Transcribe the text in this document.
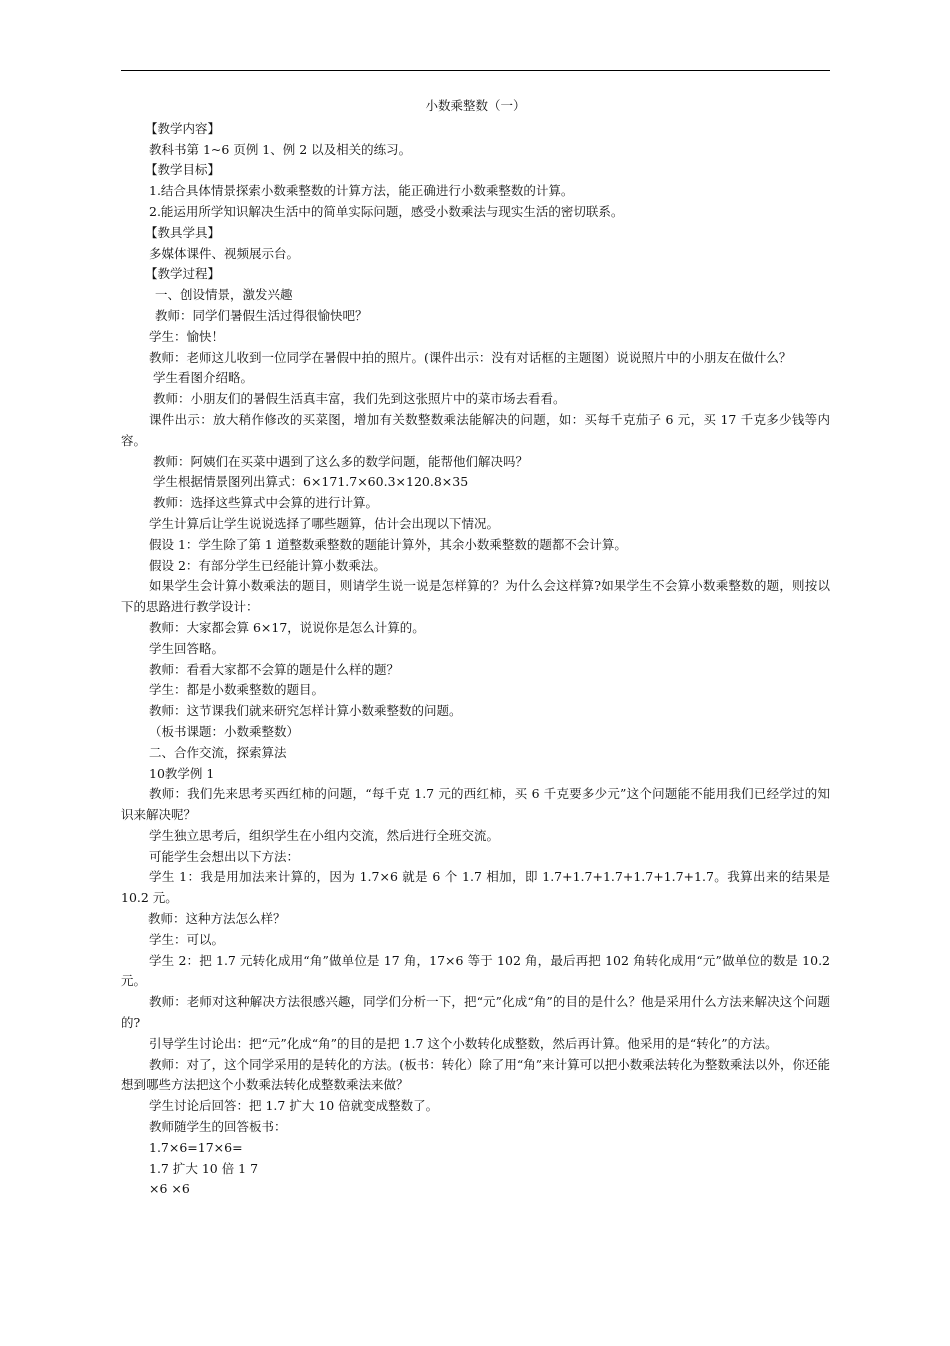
小数乘整数（一）
【教学内容】
教科书第 1~6 页例 1、例 2 以及相关的练习。
【教学目标】
1.结合具体情景探索小数乘整数的计算方法，能正确进行小数乘整数的计算。
2.能运用所学知识解决生活中的简单实际问题，感受小数乘法与现实生活的密切联系。
【教具学具】
多媒体课件、视频展示台。
【教学过程】
一、创设情景，激发兴趣
教师：同学们暑假生活过得很愉快吧？
学生：愉快！
教师：老师这儿收到一位同学在暑假中拍的照片。(课件出示：没有对话框的主题图）说说照片中的小朋友在做什么？
学生看图介绍略。
教师：小朋友们的暑假生活真丰富，我们先到这张照片中的菜市场去看看。
课件出示：放大稍作修改的买菜图，增加有关数整数乘法能解决的问题，如：买每千克茄子 6 元，买 17 千克多少钱等内容。
教师：阿姨们在买菜中遇到了这么多的数学问题，能帮他们解决吗？
学生根据情景图列出算式：6×171.7×60.3×120.8×35
教师：选择这些算式中会算的进行计算。
学生计算后让学生说说选择了哪些题算，估计会出现以下情况。
假设 1：学生除了第 1 道整数乘整数的题能计算外，其余小数乘整数的题都不会计算。
假设 2：有部分学生已经能计算小数乘法。
如果学生会计算小数乘法的题目，则请学生说一说是怎样算的？为什么会这样算?如果学生不会算小数乘整数的题，则按以下的思路进行教学设计：
教师：大家都会算 6×17，说说你是怎么计算的。
学生回答略。
教师：看看大家都不会算的题是什么样的题？
学生：都是小数乘整数的题目。
教师：这节课我们就来研究怎样计算小数乘整数的问题。
（板书课题：小数乘整数）
二、合作交流，探索算法
10教学例 1
教师：我们先来思考买西红柿的问题，“每千克 1.7 元的西红柿，买 6 千克要多少元”这个问题能不能用我们已经学过的知识来解决呢？
学生独立思考后，组织学生在小组内交流，然后进行全班交流。
可能学生会想出以下方法：
学生 1：我是用加法来计算的，因为 1.7×6 就是 6 个 1.7 相加，即 1.7+1.7+1.7+1.7+1.7+1.7。我算出来的结果是 10.2 元。
教师：这种方法怎么样？
学生：可以。
学生 2：把 1.7 元转化成用“角”做单位是 17 角，17×6 等于 102 角，最后再把 102 角转化成用“元”做单位的数是 10.2 元。
教师：老师对这种解决方法很感兴趣，同学们分析一下，把“元”化成“角”的目的是什么？他是采用什么方法来解决这个问题的?
引导学生讨论出：把“元”化成“角”的目的是把 1.7 这个小数转化成整数，然后再计算。他采用的是“转化”的方法。
教师：对了，这个同学采用的是转化的方法。(板书：转化）除了用“角”来计算可以把小数乘法转化为整数乘法以外，你还能想到哪些方法把这个小数乘法转化成整数乘法来做？
学生讨论后回答：把 1.7 扩大 10 倍就变成整数了。
教师随学生的回答板书：
1.7×6=17×6=
1.7 扩大 10 倍 1 7
×6 ×6
